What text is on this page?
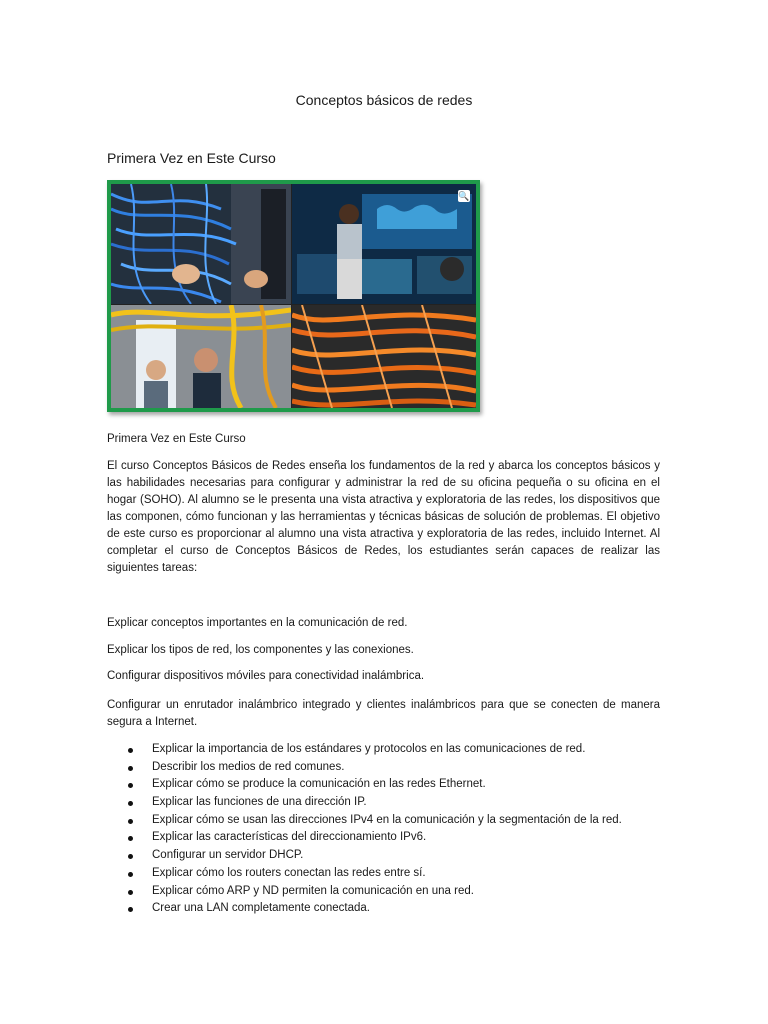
Conceptos básicos de redes
Primera Vez en Este Curso
🔍
Primera Vez en Este Curso
El curso Conceptos Básicos de Redes enseña los fundamentos de la red y abarca los conceptos básicos y las habilidades necesarias para configurar y administrar la red de su oficina pequeña o su oficina en el hogar (SOHO). Al alumno se le presenta una vista atractiva y exploratoria de las redes, los dispositivos que las componen, cómo funcionan y las herramientas y técnicas básicas de solución de problemas. El objetivo de este curso es proporcionar al alumno una vista atractiva y exploratoria de las redes, incluido Internet. Al completar el curso de Conceptos Básicos de Redes, los estudiantes serán capaces de realizar las siguientes tareas:
Explicar conceptos importantes en la comunicación de red.
Explicar los tipos de red, los componentes y las conexiones.
Configurar dispositivos móviles para conectividad inalámbrica.
Configurar un enrutador inalámbrico integrado y clientes inalámbricos para que se conecten de manera segura a Internet.
Explicar la importancia de los estándares y protocolos en las comunicaciones de red.
Describir los medios de red comunes.
Explicar cómo se produce la comunicación en las redes Ethernet.
Explicar las funciones de una dirección IP.
Explicar cómo se usan las direcciones IPv4 en la comunicación y la segmentación de la red.
Explicar las características del direccionamiento IPv6.
Configurar un servidor DHCP.
Explicar cómo los routers conectan las redes entre sí.
Explicar cómo ARP y ND permiten la comunicación en una red.
Crear una LAN completamente conectada.
